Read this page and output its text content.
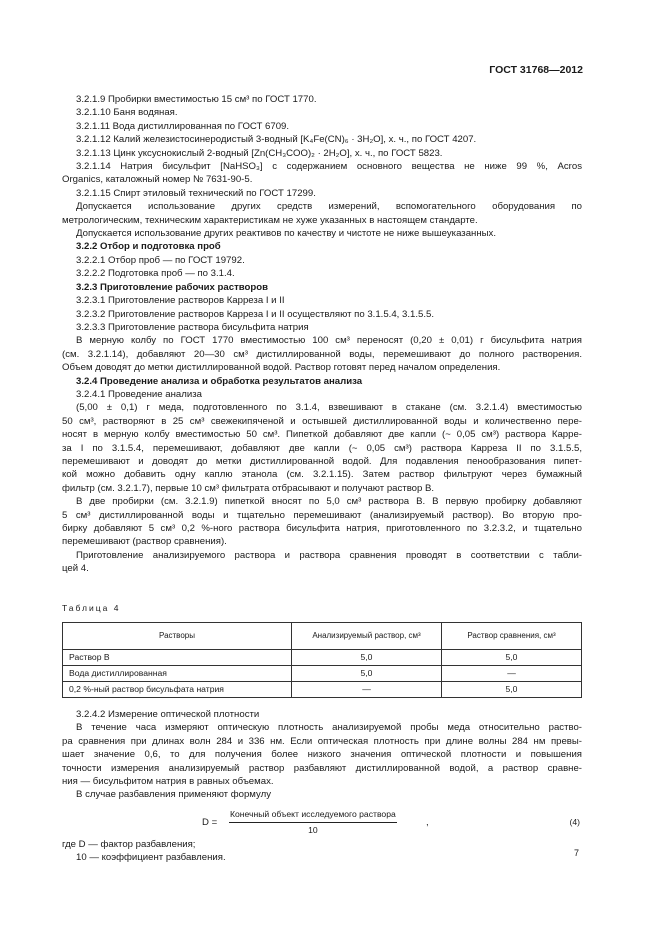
ГОСТ 31768—2012

3.2.1.9 Пробирки вместимостью 15 см³ по ГОСТ 1770.

3.2.1.10 Баня водяная.

3.2.1.11 Вода дистиллированная по ГОСТ 6709.

3.2.1.12 Калий железистосинеродистый 3-водный [K₄Fe(CN)₆ · 3H₂O], х. ч., по ГОСТ 4207.

3.2.1.13 Цинк уксуснокислый 2-водный [Zn(CH₃COO)₂ · 2H₂O], х. ч., по ГОСТ 5823.

3.2.1.14 Натрия бисульфит [NaHSO₃] с содержанием основного вещества не ниже 99 %, Acros

Organics, каталожный номер № 7631-90-5.

3.2.1.15 Спирт этиловый технический по ГОСТ 17299.

Допускается использование других средств измерений, вспомогательного оборудования по

метрологическим, техническим характеристикам не хуже указанных в настоящем стандарте.

Допускается использование других реактивов по качеству и чистоте не ниже вышеуказанных.

3.2.2 Отбор и подготовка проб

3.2.2.1 Отбор проб — по ГОСТ 19792.

3.2.2.2 Подготовка проб — по 3.1.4.

3.2.3 Приготовление рабочих растворов

3.2.3.1 Приготовление растворов Карреза I и II

3.2.3.2 Приготовление растворов Карреза I и II осуществляют по 3.1.5.4, 3.1.5.5.

3.2.3.3 Приготовление раствора бисульфита натрия

В мерную колбу по ГОСТ 1770 вместимостью 100 см³ переносят (0,20 ± 0,01) г бисульфита натрия

(см. 3.2.1.14), добавляют 20—30 см³ дистиллированной воды, перемешивают до полного растворения.

Объем доводят до метки дистиллированной водой. Раствор готовят перед началом определения.

3.2.4 Проведение анализа и обработка результатов анализа

3.2.4.1 Проведение анализа

(5,00 ± 0,1) г меда, подготовленного по 3.1.4, взвешивают в стакане (см. 3.2.1.4) вместимостью

50 см³, растворяют в 25 см³ свежекипяченой и остывшей дистиллированной воды и количественно пере-

носят в мерную колбу вместимостью 50 см³. Пипеткой добавляют две капли (~ 0,05 см³) раствора Карре-

за I по 3.1.5.4, перемешивают, добавляют две капли (~ 0,05 см³) раствора Карреза II по 3.1.5.5,

перемешивают и доводят до метки дистиллированной водой. Для подавления пенообразования пипет-

кой можно добавить одну каплю этанола (см. 3.2.1.15). Затем раствор фильтруют через бумажный

фильтр (см. 3.2.1.7), первые 10 см³ фильтрата отбрасывают и получают раствор В.

В две пробирки (см. 3.2.1.9) пипеткой вносят по 5,0 см³ раствора В. В первую пробирку добавляют

5 см³ дистиллированной воды и тщательно перемешивают (анализируемый раствор). Во вторую про-

бирку добавляют 5 см³ 0,2 %-ного раствора бисульфита натрия, приготовленного по 3.2.3.2, и тщательно

перемешивают (раствор сравнения).

Приготовление анализируемого раствора и раствора сравнения проводят в соответствии с табли-

цей 4.

Таблица 4

Растворы	Анализируемый раствор, см³	Раствор сравнения, см³
Раствор В	5,0	5,0
Вода дистиллированная	5,0	—
0,2 %-ный раствор бисульфата натрия	—	5,0

3.2.4.2 Измерение оптической плотности

В течение часа измеряют оптическую плотность анализируемой пробы меда относительно раство-

ра сравнения при длинах волн 284 и 336 нм. Если оптическая плотность при длине волны 284 нм превы-

шает значение 0,6, то для получения более низкого значения оптической плотности и повышения

точности измерения анализируемый раствор разбавляют дистиллированной водой, а раствор сравне-

ния — бисульфитом натрия в равных объемах.

В случае разбавления применяют формулу

D =
Конечный объект исследуемого раствора
10
,	(4)

где D — фактор разбавления;

10 — коэффициент разбавления.	7
